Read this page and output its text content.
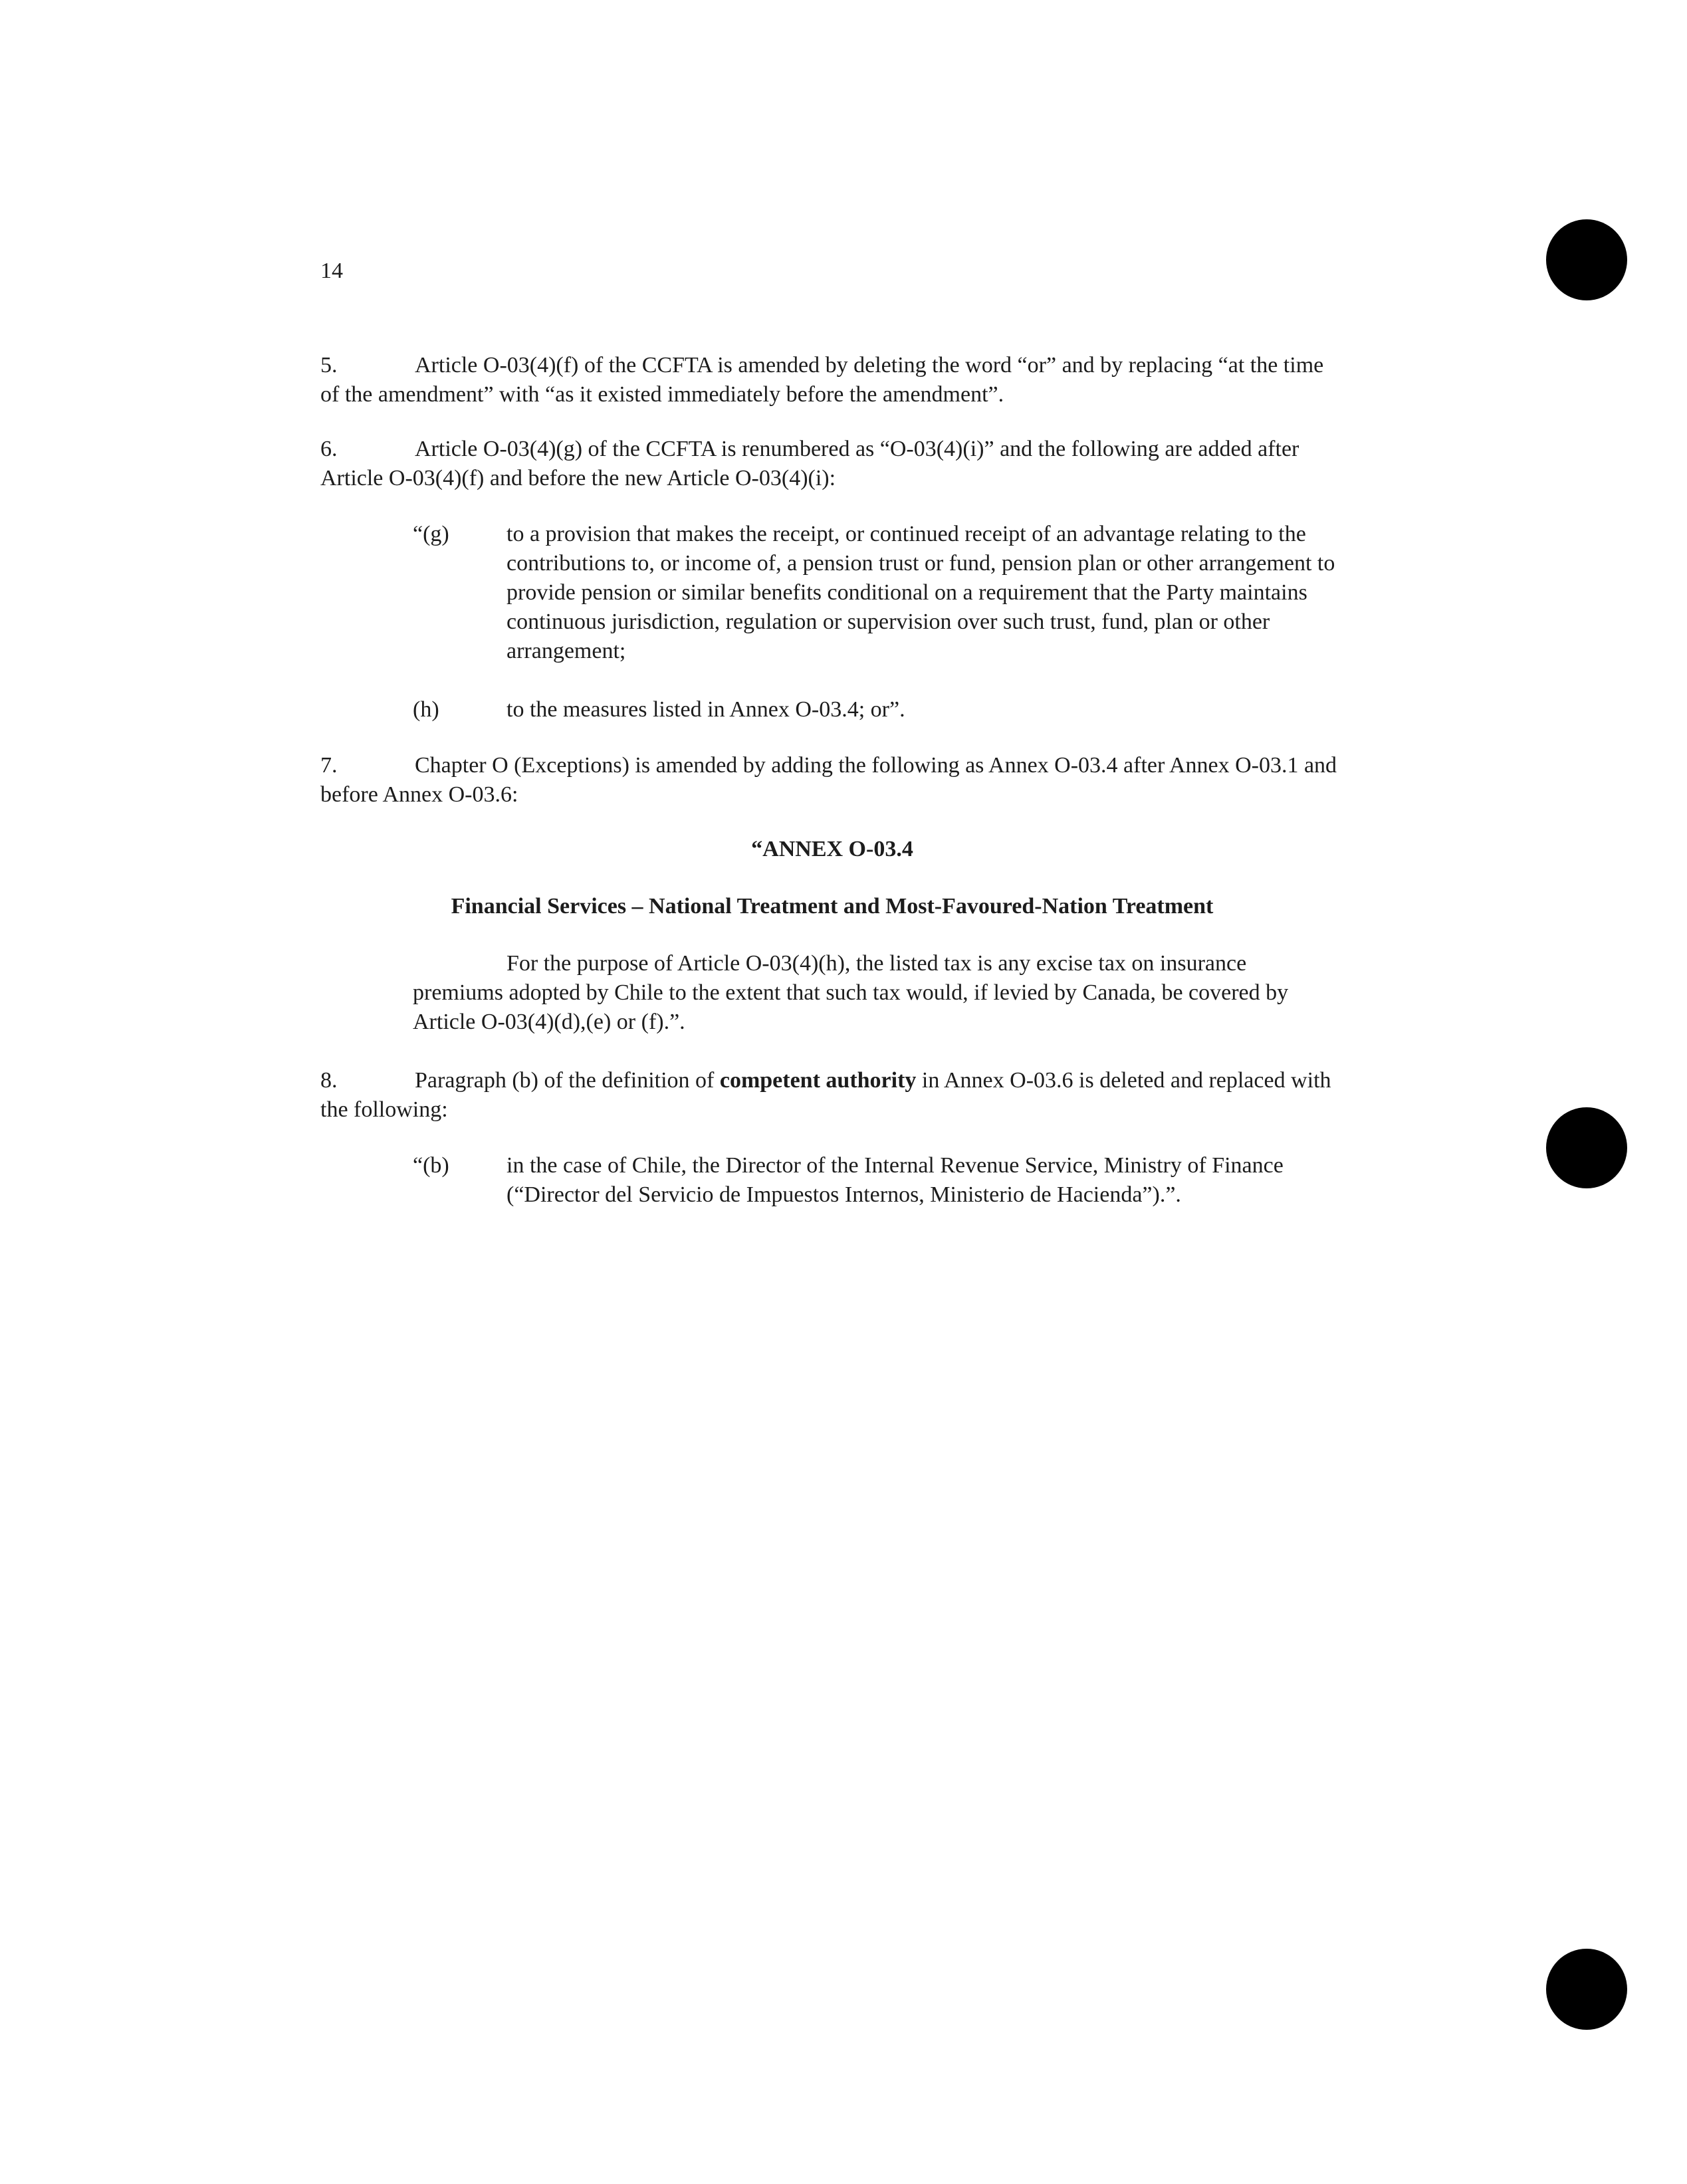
14

5.	Article O-03(4)(f) of the CCFTA is amended by deleting the word “or” and by replacing “at the time of the amendment” with “as it existed immediately before the amendment”.

6.	Article O-03(4)(g) of the CCFTA is renumbered as “O-03(4)(i)” and the following are added after Article O-03(4)(f) and before the new Article O-03(4)(i):

“(g)	to a provision that makes the receipt, or continued receipt of an advantage relating to the contributions to, or income of, a pension trust or fund, pension plan or other arrangement to provide pension or similar benefits conditional on a requirement that the Party maintains continuous jurisdiction, regulation or supervision over such trust, fund, plan or other arrangement;
(h)	to the measures listed in Annex O-03.4; or”.

7.	Chapter O (Exceptions) is amended by adding the following as Annex O-03.4 after Annex O-03.1 and before Annex O-03.6:

“ANNEX O-03.4

Financial Services – National Treatment and Most-Favoured-Nation Treatment

For the purpose of Article O-03(4)(h), the listed tax is any excise tax on insurance premiums adopted by Chile to the extent that such tax would, if levied by Canada, be covered by Article O-03(4)(d),(e) or (f).”.

8.	Paragraph (b) of the definition of competent authority in Annex O-03.6 is deleted and replaced with the following:

“(b)	in the case of Chile, the Director of the Internal Revenue Service, Ministry of Finance (“Director del Servicio de Impuestos Internos, Ministerio de Hacienda”).”.
